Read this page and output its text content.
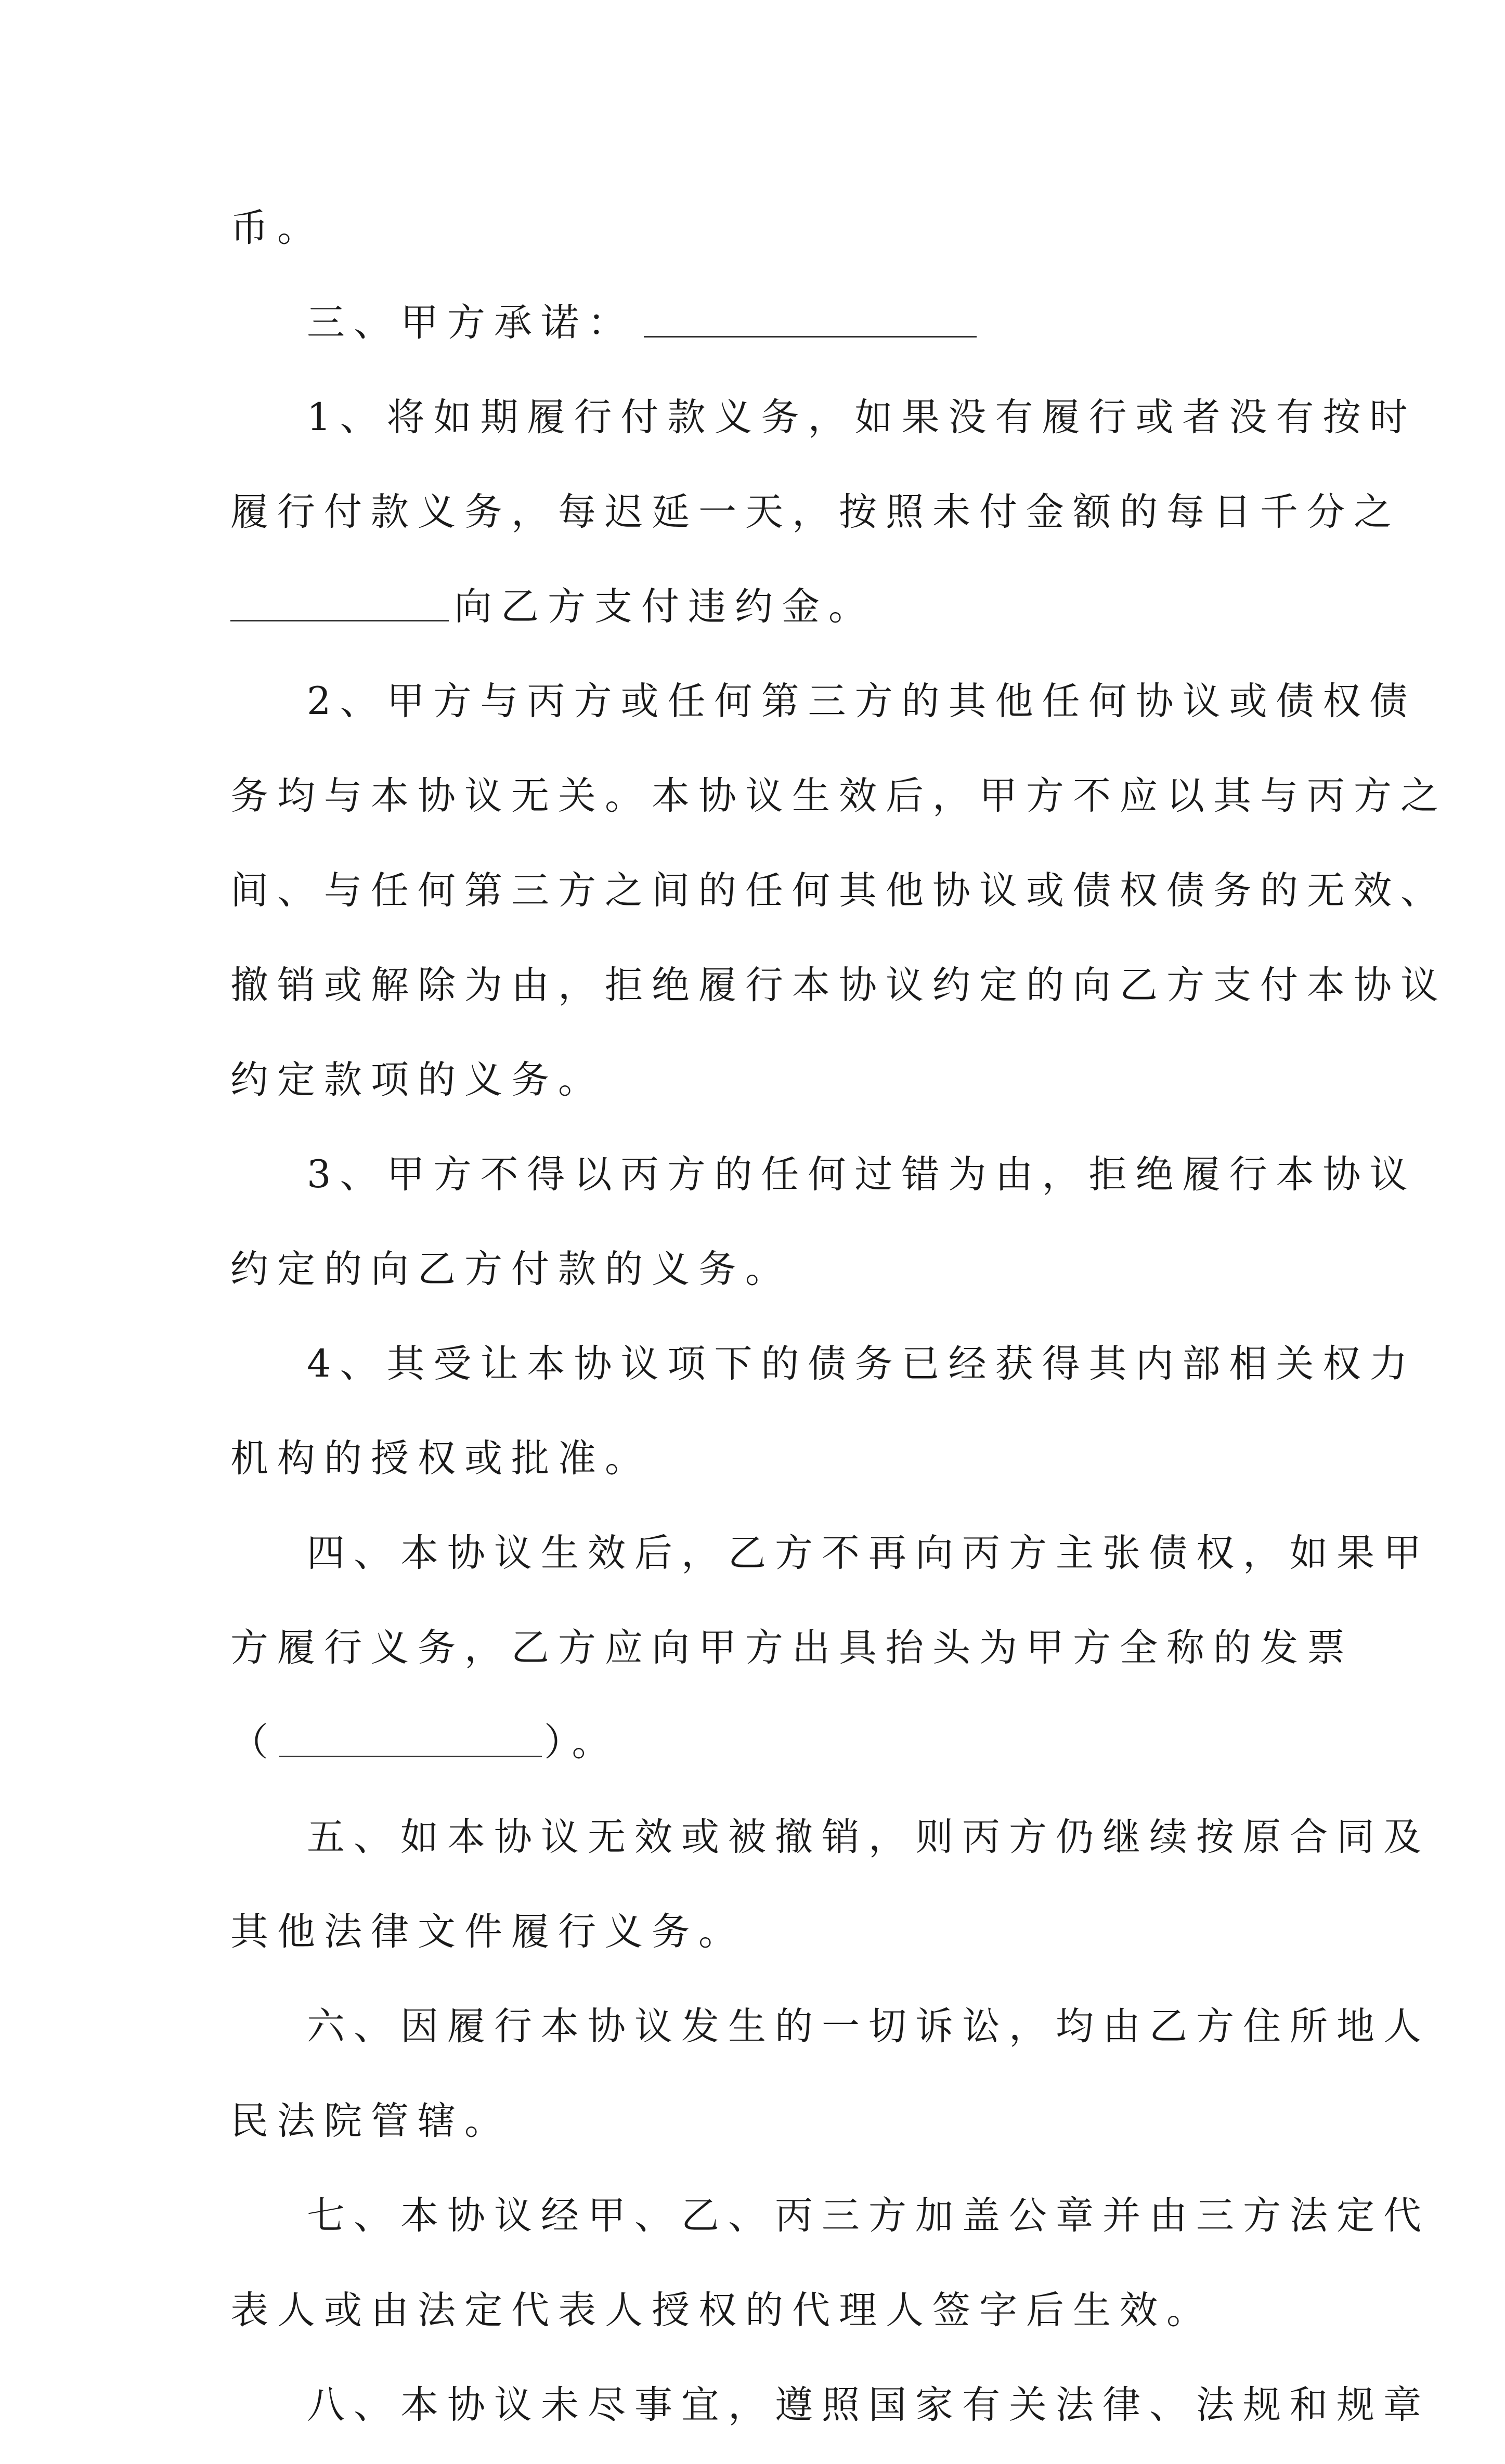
币。
三、甲方承诺：
1、将如期履行付款义务，如果没有履行或者没有按时
履行付款义务，每迟延一天，按照未付金额的每日千分之
向乙方支付违约金。
2、甲方与丙方或任何第三方的其他任何协议或债权债
务均与本协议无关。本协议生效后，甲方不应以其与丙方之
间、与任何第三方之间的任何其他协议或债权债务的无效、
撤销或解除为由，拒绝履行本协议约定的向乙方支付本协议
约定款项的义务。
3、甲方不得以丙方的任何过错为由，拒绝履行本协议
约定的向乙方付款的义务。
4、其受让本协议项下的债务已经获得其内部相关权力
机构的授权或批准。
四、本协议生效后，乙方不再向丙方主张债权，如果甲
方履行义务，乙方应向甲方出具抬头为甲方全称的发票
（	）。
五、如本协议无效或被撤销，则丙方仍继续按原合同及
其他法律文件履行义务。
六、因履行本协议发生的一切诉讼，均由乙方住所地人
民法院管辖。
七、本协议经甲、乙、丙三方加盖公章并由三方法定代
表人或由法定代表人授权的代理人签字后生效。
八、本协议未尽事宜，遵照国家有关法律、法规和规章
